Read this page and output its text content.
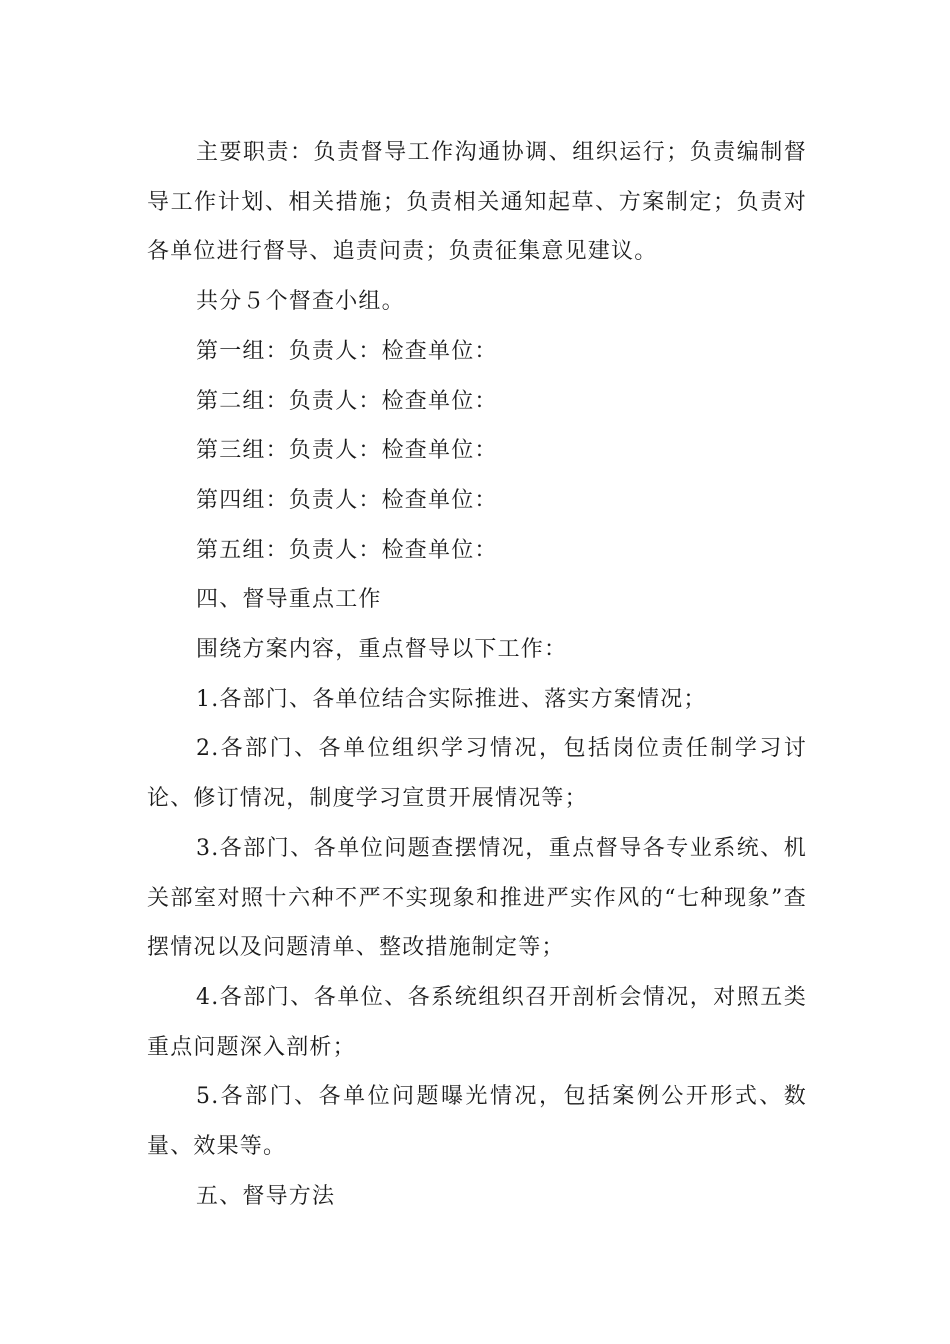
主要职责：负责督导工作沟通协调、组织运行；负责编制督导工作计划、相关措施；负责相关通知起草、方案制定；负责对各单位进行督导、追责问责；负责征集意见建议。

共分５个督查小组。

第一组：负责人：检查单位：

第二组：负责人：检查单位：

第三组：负责人：检查单位：

第四组：负责人：检查单位：

第五组：负责人：检查单位：

四、督导重点工作

围绕方案内容，重点督导以下工作：

1.各部门、各单位结合实际推进、落实方案情况；

2.各部门、各单位组织学习情况，包括岗位责任制学习讨论、修订情况，制度学习宣贯开展情况等；

3.各部门、各单位问题查摆情况，重点督导各专业系统、机关部室对照十六种不严不实现象和推进严实作风的“七种现象”查摆情况以及问题清单、整改措施制定等；

4.各部门、各单位、各系统组织召开剖析会情况，对照五类重点问题深入剖析；

5.各部门、各单位问题曝光情况，包括案例公开形式、数量、效果等。

五、督导方法
